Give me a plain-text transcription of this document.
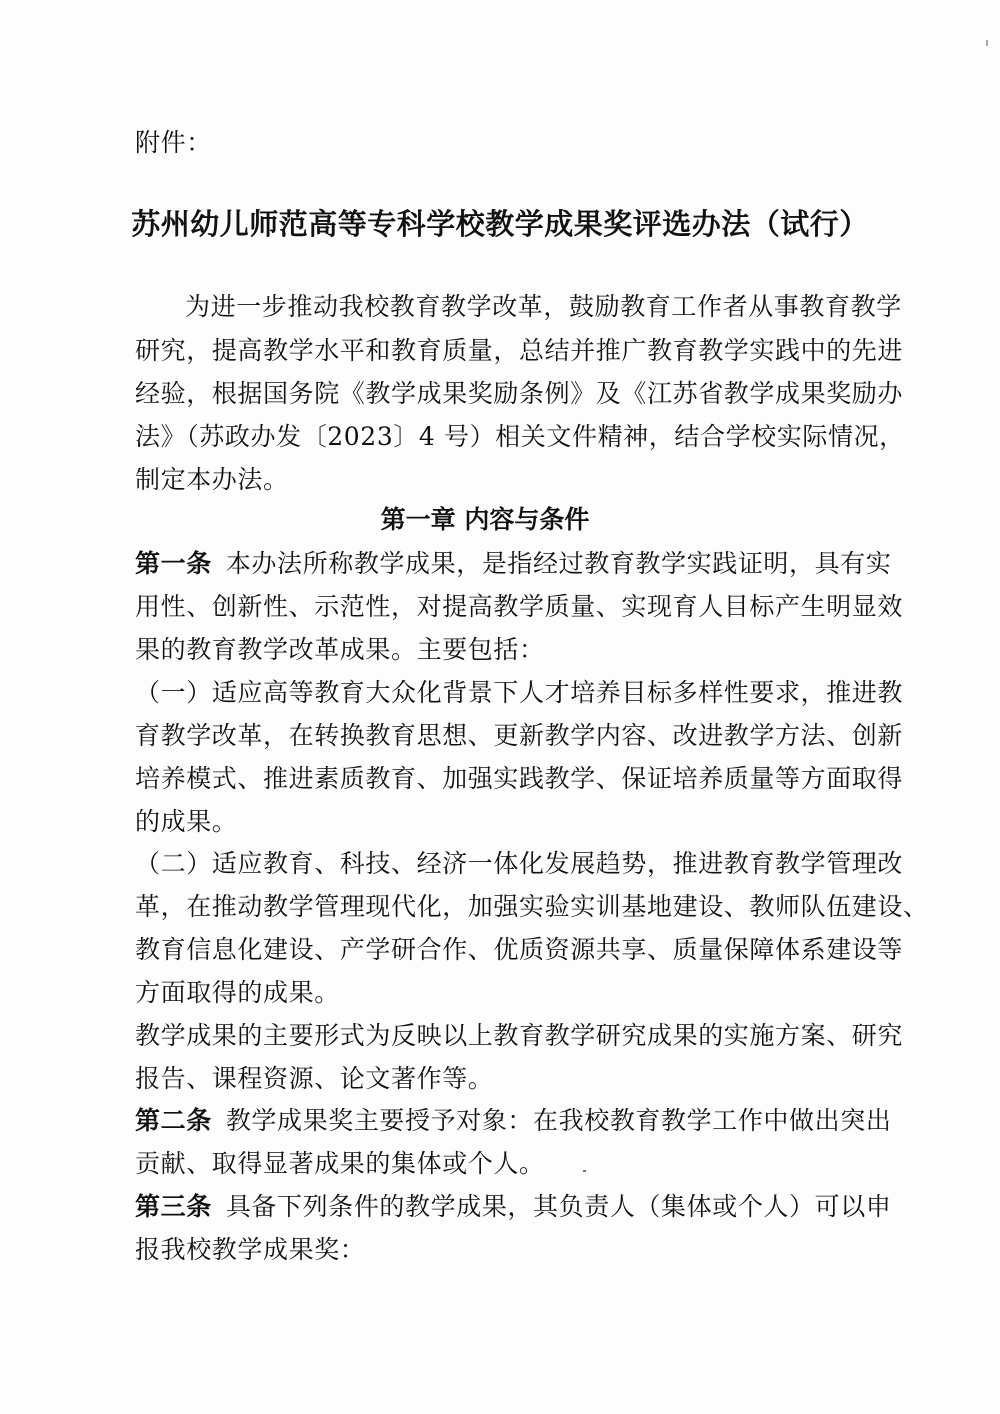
附件：
苏州幼儿师范高等专科学校教学成果奖评选办法（试行）
为进一步推动我校教育教学改革，鼓励教育工作者从事教育教学
研究，提高教学水平和教育质量，总结并推广教育教学实践中的先进
经验，根据国务院《教学成果奖励条例》及《江苏省教学成果奖励办
法》（苏政办发〔2023〕4 号）相关文件精神，结合学校实际情况，
制定本办法。
第一章 内容与条件
第一条 本办法所称教学成果，是指经过教育教学实践证明，具有实
用性、创新性、示范性，对提高教学质量、实现育人目标产生明显效
果的教育教学改革成果。主要包括：
（一）适应高等教育大众化背景下人才培养目标多样性要求，推进教
育教学改革，在转换教育思想、更新教学内容、改进教学方法、创新
培养模式、推进素质教育、加强实践教学、保证培养质量等方面取得
的成果。
（二）适应教育、科技、经济一体化发展趋势，推进教育教学管理改
革，在推动教学管理现代化，加强实验实训基地建设、教师队伍建设、
教育信息化建设、产学研合作、优质资源共享、质量保障体系建设等
方面取得的成果。
教学成果的主要形式为反映以上教育教学研究成果的实施方案、研究
报告、课程资源、论文著作等。
第二条 教学成果奖主要授予对象：在我校教育教学工作中做出突出
贡献、取得显著成果的集体或个人。
第三条 具备下列条件的教学成果，其负责人（集体或个人）可以申
报我校教学成果奖：
